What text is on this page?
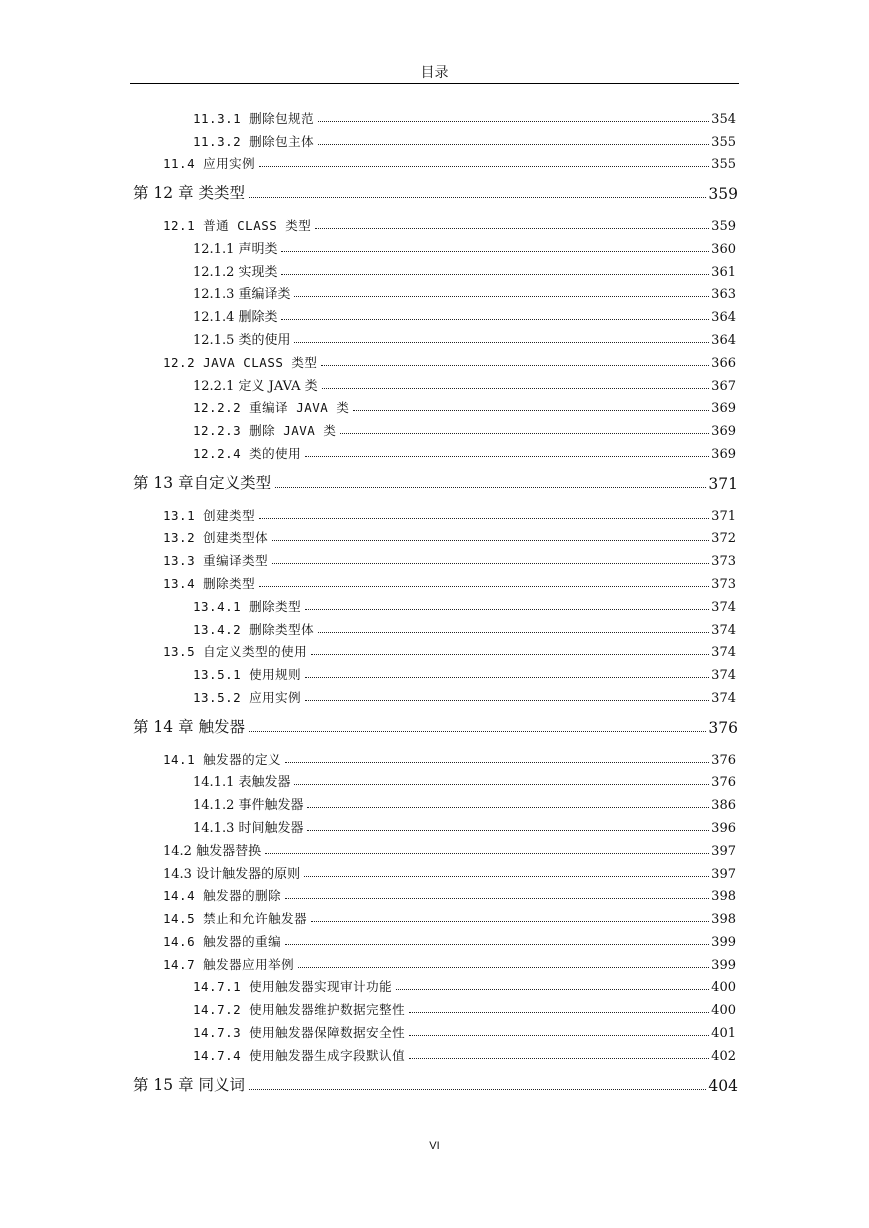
目录
11.3.1 删除包规范	354
11.3.2 删除包主体	355
11.4 应用实例	355
第 12 章 类类型	359
12.1 普通 CLASS 类型	359
12.1.1 声明类	360
12.1.2 实现类	361
12.1.3 重编译类	363
12.1.4 删除类	364
12.1.5 类的使用	364
12.2 JAVA CLASS 类型	366
12.2.1 定义 JAVA 类	367
12.2.2 重编译 JAVA 类	369
12.2.3 删除 JAVA 类	369
12.2.4 类的使用	369
第 13 章自定义类型	371
13.1 创建类型	371
13.2 创建类型体	372
13.3 重编译类型	373
13.4 删除类型	373
13.4.1 删除类型	374
13.4.2 删除类型体	374
13.5 自定义类型的使用	374
13.5.1 使用规则	374
13.5.2 应用实例	374
第 14 章 触发器	376
14.1 触发器的定义	376
14.1.1 表触发器	376
14.1.2 事件触发器	386
14.1.3 时间触发器	396
14.2 触发器替换	397
14.3 设计触发器的原则	397
14.4 触发器的删除	398
14.5 禁止和允许触发器	398
14.6 触发器的重编	399
14.7 触发器应用举例	399
14.7.1 使用触发器实现审计功能	400
14.7.2 使用触发器维护数据完整性	400
14.7.3 使用触发器保障数据安全性	401
14.7.4 使用触发器生成字段默认值	402
第 15 章 同义词	404
VI
